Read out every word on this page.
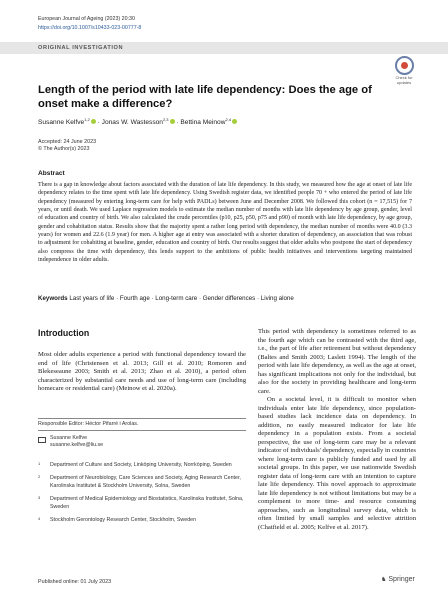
European Journal of Ageing (2023) 20:30
https://doi.org/10.1007/s10433-023-00777-8
ORIGINAL INVESTIGATION
Check for updates
Length of the period with late life dependency: Does the age of onset make a difference?
Susanne Kelfve$^{1,2}$ · Jonas W. Wastesson$^{2,3}$ · Bettina Meinow$^{2,4}$
Accepted: 24 June 2023
© The Author(s) 2023
Abstract
There is a gap in knowledge about factors associated with the duration of late life dependency. In this study, we measured how the age at onset of late life dependency relates to the time spent with late life dependency. Using Swedish register data, we identified people 70 + who entered the period of late life dependency (measured by entering long-term care for help with PADLs) between June and December 2008. We followed this cohort (n = 17,515) for 7 years, or until death. We used Laplace regression models to estimate the median number of months with late life dependency by age group, gender, level of education and country of birth. We also calculated the crude percentiles (p10, p25, p50, p75 and p90) of month with late life dependency, by age group, gender and cohabitation status. Results show that the majority spent a rather long period with dependency, the median number of months were 40.0 (3.3 years) for women and 22.6 (1.9 year) for men. A higher age at entry was associated with a shorter duration of dependency, an association that was robust to adjustment for cohabiting at baseline, gender, education and country of birth. Our results suggest that older adults who postpone the start of dependency also compress the time with dependency, this lends support to the ambitions of public health initiatives and interventions targeting maintained independence in older adults.
Keywords Last years of life · Fourth age · Long-term care · Gender differences · Living alone
Introduction
Most older adults experience a period with functional dependency toward the end of life (Christensen et al. 2013; Gill et al. 2010; Romoren and Blekeseaune 2003; Smith et al. 2013; Zhao et al. 2010), a period often characterized by substantial care needs and use of long-term care (including homecare or residential care) (Meinow et al. 2020a).
Responsible Editor: Héctor Pifarré i Arolas.
Susanne Kelfve
susanne.kelfve@liu.se
1 Department of Culture and Society, Linköping University, Norrköping, Sweden
2 Department of Neurobiology, Care Sciences and Society, Aging Research Center, Karolinska Institutet & Stockholm University, Solna, Sweden
3 Department of Medical Epidemiology and Biostatistics, Karolinska Institutet, Solna, Sweden
4 Stockholm Gerontology Research Center, Stockholm, Sweden

This period with dependency is sometimes referred to as the fourth age which can be contrasted with the third age, i.e., the part of life after retirement but without dependency (Baltes and Smith 2003; Laslett 1994). The length of the period with late life dependency, as well as the age at onset, has significant implications not only for the individual, but also for the society in providing healthcare and long-term care.

On a societal level, it is difficult to monitor when individuals enter late life dependency, since population-based studies lack incidence data on dependency. In addition, no easily measured indicator for late life dependency in a population exists. From a societal perspective, the use of long-term care may be a relevant indicator of individuals' dependency, especially in countries where long-term care is publicly funded and used by all societal groups. In this paper, we use nationwide Swedish register data of long-term care with an intention to capture late life dependency. This novel approach to approximate late life dependency is not without limitations but may be a complement to more time- and resource consuming approaches, such as longitudinal survey data, which is often limited by small samples and selective attrition (Chatfield et al. 2005; Kelfve et al. 2017).

Published online: 01 July 2023	♞ Springer
